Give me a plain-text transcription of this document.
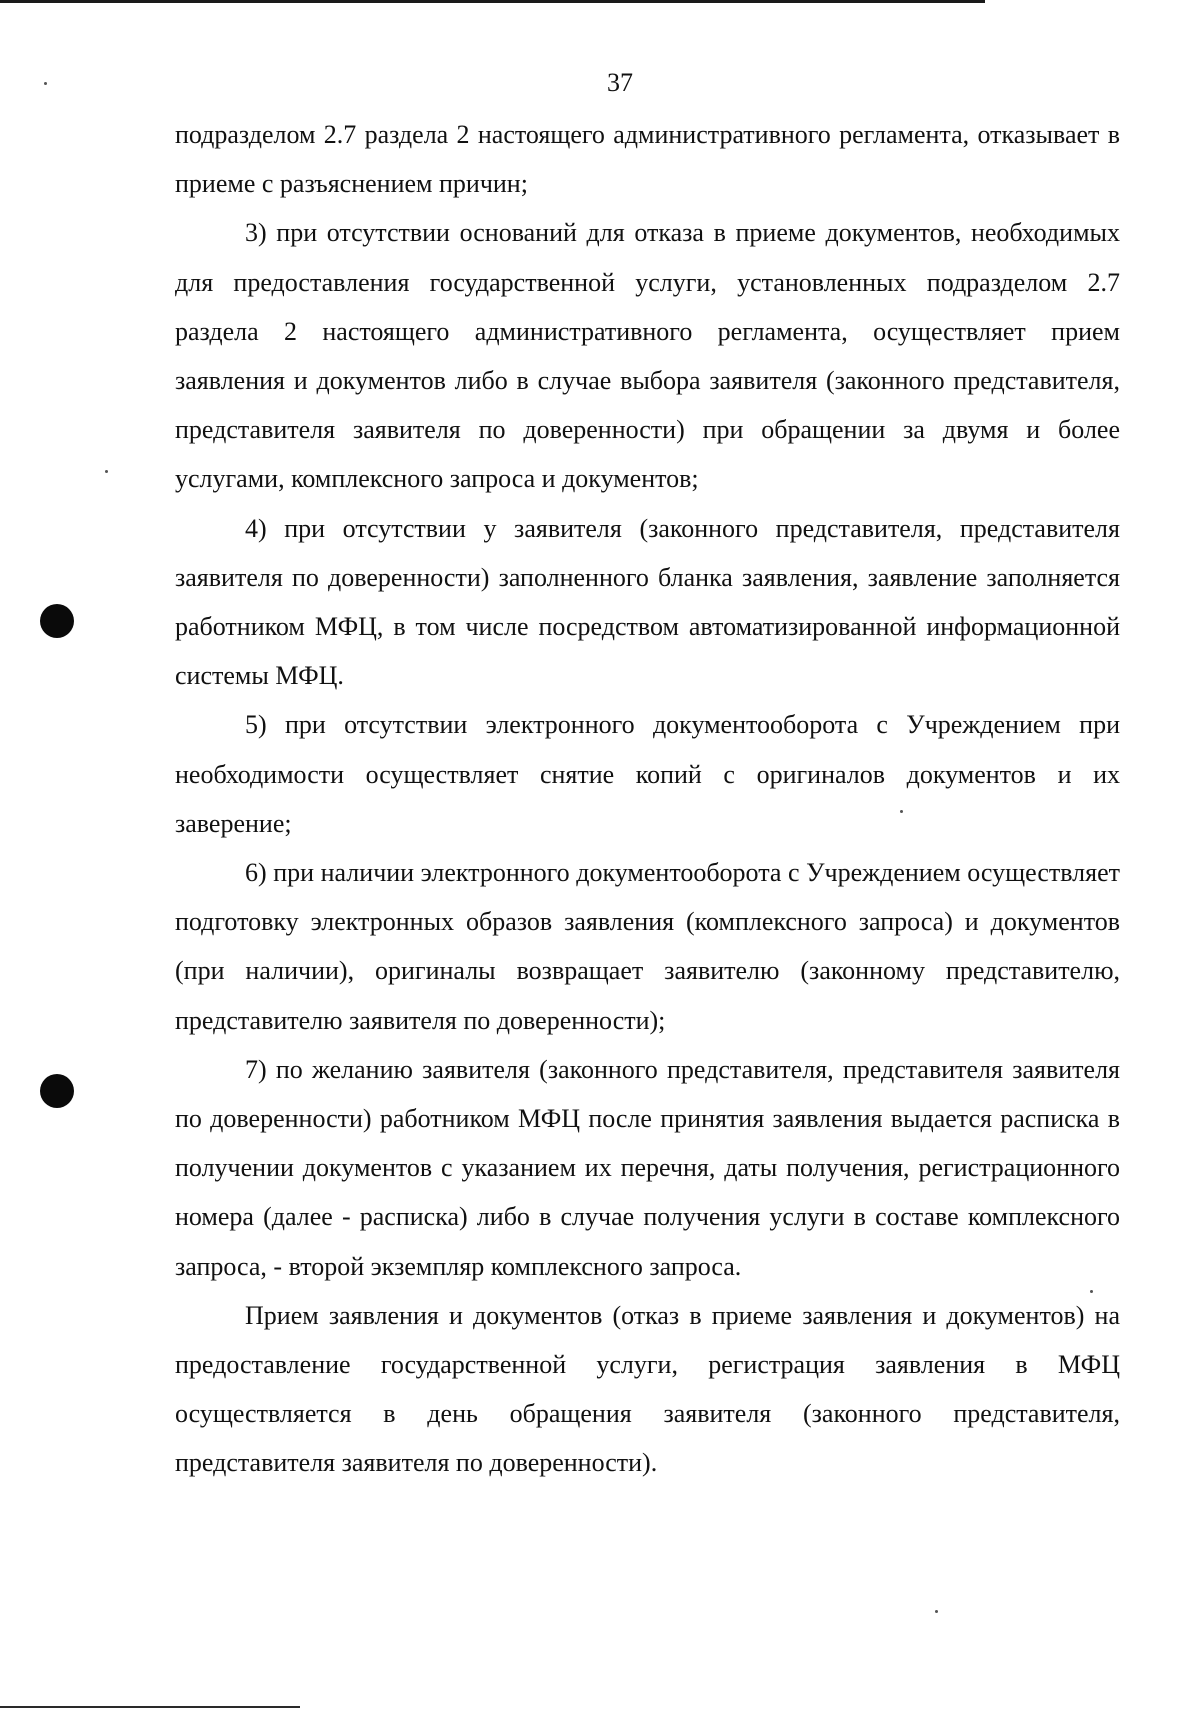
37

подразделом 2.7 раздела 2 настоящего административного регламента, отказывает в приеме с разъяснением причин;

3) при отсутствии оснований для отказа в приеме документов, необходимых для предоставления государственной услуги, установленных подразделом 2.7 раздела 2 настоящего административного регламента, осуществляет прием заявления и документов либо в случае выбора заявителя (законного представителя, представителя заявителя по доверенности) при обращении за двумя и более услугами, комплексного запроса и документов;

4) при отсутствии у заявителя (законного представителя, представителя заявителя по доверенности) заполненного бланка заявления, заявление заполняется работником МФЦ, в том числе посредством автоматизированной информационной системы МФЦ.

5) при отсутствии электронного документооборота с Учреждением при необходимости осуществляет снятие копий с оригиналов документов и их заверение;

6) при наличии электронного документооборота с Учреждением осуществляет подготовку электронных образов заявления (комплексного запроса) и документов (при наличии), оригиналы возвращает заявителю (законному представителю, представителю заявителя по доверенности);

7) по желанию заявителя (законного представителя, представителя заявителя по доверенности) работником МФЦ после принятия заявления выдается расписка в получении документов с указанием их перечня, даты получения, регистрационного номера (далее - расписка) либо в случае получения услуги в составе комплексного запроса, - второй экземпляр комплексного запроса.

Прием заявления и документов (отказ в приеме заявления и документов) на предоставление государственной услуги, регистрация заявления в МФЦ осуществляется в день обращения заявителя (законного представителя, представителя заявителя по доверенности).
